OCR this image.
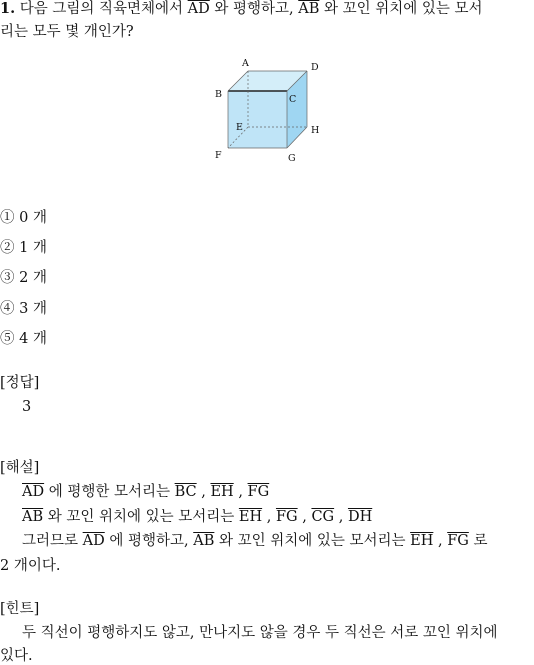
1. 다음 그림의 직육면체에서 $\overline{AD}$ 와 평행하고, $\overline{AB}$ 와 꼬인 위치에 있는 모서
리는 모두 몇 개인가?
A	D
B	C
E	H
F	G
① 0 개
② 1 개
③ 2 개
④ 3 개
⑤ 4 개
[정답]
3
[해설]
$\overline{AD}$ 에 평행한 모서리는 $\overline{BC}$ , $\overline{EH}$ , $\overline{FG}$
$\overline{AB}$ 와 꼬인 위치에 있는 모서리는 $\overline{EH}$ , $\overline{FG}$ , $\overline{CG}$ , $\overline{DH}$
그러므로 $\overline{AD}$ 에 평행하고, $\overline{AB}$ 와 꼬인 위치에 있는 모서리는 $\overline{EH}$ , $\overline{FG}$ 로
2 개이다.
[힌트]
두 직선이 평행하지도 않고, 만나지도 않을 경우 두 직선은 서로 꼬인 위치에
있다.
